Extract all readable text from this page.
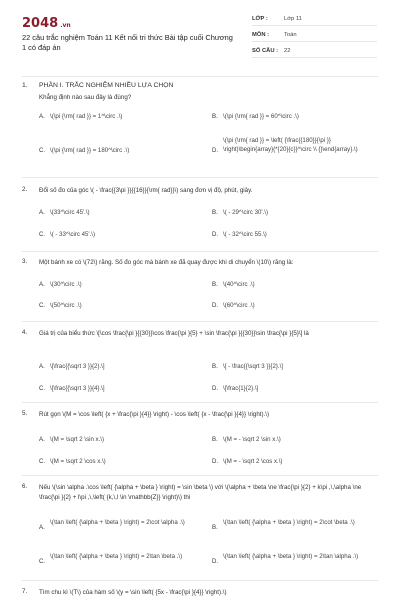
2048 .vn
22 câu trắc nghiệm Toán 11 Kết nối tri thức Bài tập cuối Chương 1 có đáp án
LỚP :	Lớp 11
MÔN :	Toán
SỐ CÂU : 22
1. PHẦN I. TRẮC NGHIỆM NHIỀU LỰA CHỌN
Khẳng định nào sau đây là đúng?
A. \(\pi {\rm{ rad }} = 1^\circ .\)	B. \(\pi {\rm{ rad }} = 60^\circ .\)
C. \(\pi {\rm{ rad }} = 180^\circ .\)	D.
\(\pi {\rm{ rad }} = \left( {\frac{{180}}{\pi }} \right)\begin{array}{*{20}{c}}^\circ \\ {}\end{array}.\)
2. Đổi số đo của góc \( - \frac{{3\pi }}{{16}}{\rm{ rad}}\) sang đơn vị độ, phút, giây.
A. \(33^\circ 45'.\)	B. \( - 29^\circ 30'.\)
C. \( - 33^\circ 45'.\)	D. \( - 32^\circ 55.\)
3. Một bánh xe có \(72\) răng. Số đo góc mà bánh xe đã quay được khi di chuyển \(10\) răng là:
A. \(30^\circ .\)	B. \(40^\circ .\)
C. \(50^\circ .\)	D. \(60^\circ .\)
4. Giá trị của biểu thức \[\cos \frac{\pi }{{30}}\cos \frac{\pi }{5} + \sin \frac{\pi }{{30}}\sin \frac{\pi }{5}\] là
A. \[\frac{{\sqrt 3 }}{2}.\]	B. \[ - \frac{{\sqrt 3 }}{2}.\]
C. \[\frac{{\sqrt 3 }}{4}.\]	D. \[\frac{1}{2}.\]
5. Rút gọn \(M = \cos \left( {x + \frac{\pi }{4}} \right) - \cos \left( {x - \frac{\pi }{4}} \right).\)
A. \(M = \sqrt 2 \sin x.\)	B. \(M = - \sqrt 2 \sin x.\)
C. \(M = \sqrt 2 \cos x.\)	D. \(M = - \sqrt 2 \cos x.\)
6. Nếu \(\sin \alpha .\cos \left( {\alpha + \beta } \right) = \sin \beta \) với \(\alpha + \beta \ne \frac{\pi }{2} + k\pi ,\,\alpha \ne \frac{\pi }{2} + l\pi ,\,\left( {k,\,l \in \mathbb{Z}} \right)\) thì
A.
\(\tan \left( {\alpha + \beta } \right) = 2\cot \alpha .\)
B.
\(\tan \left( {\alpha + \beta } \right) = 2\cot \beta .\)
C.
\(\tan \left( {\alpha + \beta } \right) = 2\tan \beta .\)
D.
\(\tan \left( {\alpha + \beta } \right) = 2\tan \alpha .\)
7. Tìm chu kì \(T\) của hàm số \(y = \sin \left( {5x - \frac{\pi }{4}} \right).\)
